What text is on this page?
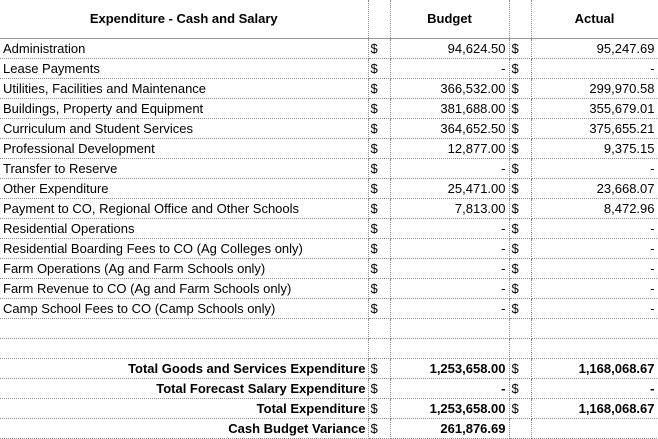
Expenditure - Cash and Salary		Budget		Actual
Administration	$	94,624.50	$	95,247.69
Lease Payments	$	-	$	-
Utilities, Facilities and Maintenance	$	366,532.00	$	299,970.58
Buildings, Property and Equipment	$	381,688.00	$	355,679.01
Curriculum and Student Services	$	364,652.50	$	375,655.21
Professional Development	$	12,877.00	$	9,375.15
Transfer to Reserve	$	-	$	-
Other Expenditure	$	25,471.00	$	23,668.07
Payment to CO, Regional Office and Other Schools	$	7,813.00	$	8,472.96
Residential Operations	$	-	$	-
Residential Boarding Fees to CO (Ag Colleges only)	$	-	$	-
Farm Operations (Ag and Farm Schools only)	$	-	$	-
Farm Revenue to CO (Ag and Farm Schools only)	$	-	$	-
Camp School Fees to CO (Camp Schools only)	$	-	$	-

Total Goods and Services Expenditure	$	1,253,658.00	$	1,168,068.67
Total Forecast Salary Expenditure	$	-	$	-
Total Expenditure	$	1,253,658.00	$	1,168,068.67
Cash Budget Variance	$	261,876.69		
